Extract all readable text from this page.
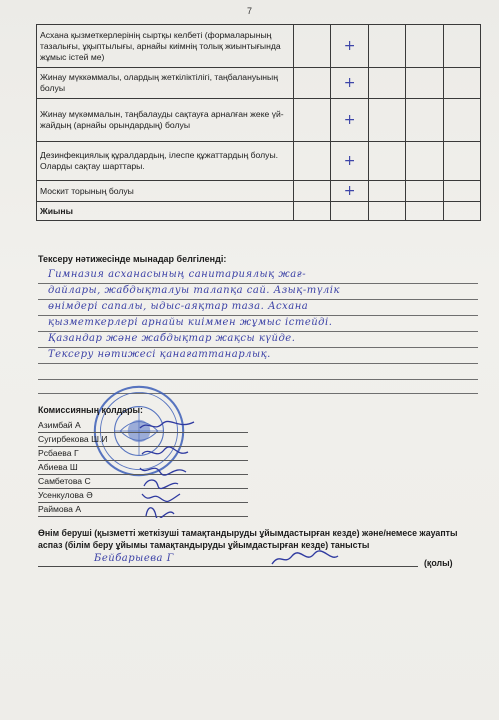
7
Асхана қызметкерлерінің сыртқы келбеті (формаларының тазалығы, ұқыптылығы, арнайы киімнің толық жиынтығында жұмыс істей ме)		+			
Жинау мүккәммалы, олардың жеткіліктілігі, таңбалануының болуы		+			
Жинау мүкәммалын, таңбалауды сақтауға арналған жеке үй-жайдың (арнайы орындардың) болуы		+			
Дезинфекциялық құралдардың, ілеспе құжаттардың болуы. Оларды сақтау шарттары.		+			
Москит торының болуы		+			
Жиыны					
Тексеру нәтижесінде мынадар белгіленді:
Гимназия асханасының санитариялық жағ-
дайлары, жабдықталуы талапқа сай. Азық-түлік
өнімдері сапалы, ыдыс-аяқтар таза. Асхана
қызметкерлері арнайы киіммен жұмыс істейді.
Қазандар және жабдықтар жақсы күйде.
Тексеру нәтижесі қанағаттанарлық.
Комиссияның қолдары:
Азимбай А
Сугирбекова Ш.И
Рсбаева Г
Абиева Ш
Самбетова С
Усенкулова Ә
Раймова А
Өнім беруші (қызметті жеткізуші тамақтандыруды ұйымдастырған кезде) және/немесе жауапты аспаз (білім беру ұйымы тамақтандыруды ұйымдастырған кезде) танысты
Бейбарыева Г	(қолы)
